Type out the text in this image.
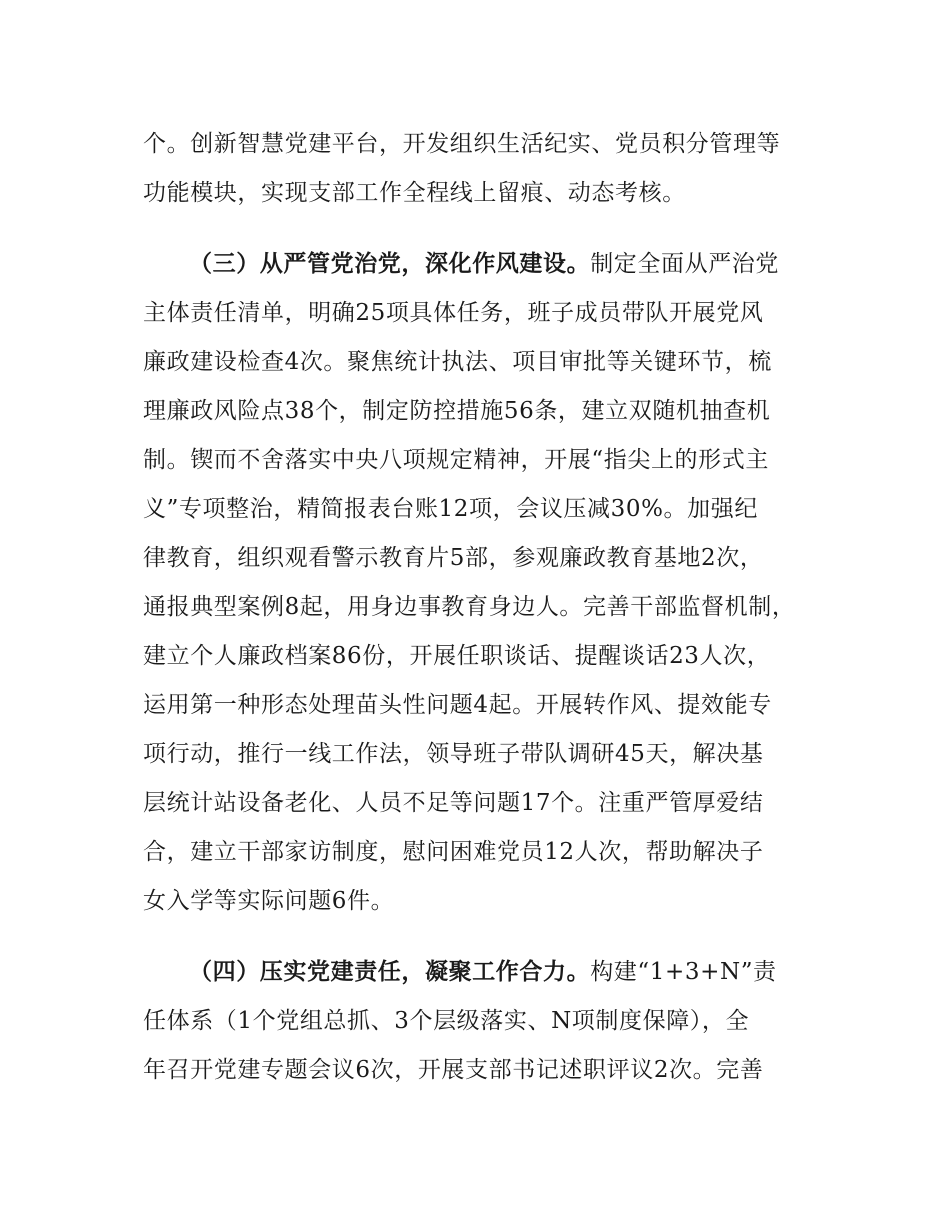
个。创新智慧党建平台，开发组织生活纪实、党员积分管理等
功能模块，实现支部工作全程线上留痕、动态考核。
（三）从严管党治党，深化作风建设。制定全面从严治党
主体责任清单，明确25项具体任务，班子成员带队开展党风
廉政建设检查4次。聚焦统计执法、项目审批等关键环节，梳
理廉政风险点38个，制定防控措施56条，建立双随机抽查机
制。锲而不舍落实中央八项规定精神，开展“指尖上的形式主
义”专项整治，精简报表台账12项，会议压减30%。加强纪
律教育，组织观看警示教育片5部，参观廉政教育基地2次，
通报典型案例8起，用身边事教育身边人。完善干部监督机制，
建立个人廉政档案86份，开展任职谈话、提醒谈话23人次，
运用第一种形态处理苗头性问题4起。开展转作风、提效能专
项行动，推行一线工作法，领导班子带队调研45天，解决基
层统计站设备老化、人员不足等问题17个。注重严管厚爱结
合，建立干部家访制度，慰问困难党员12人次，帮助解决子
女入学等实际问题6件。
（四）压实党建责任，凝聚工作合力。构建“1+3+N”责
任体系（1个党组总抓、3个层级落实、N项制度保障），全
年召开党建专题会议6次，开展支部书记述职评议2次。完善
